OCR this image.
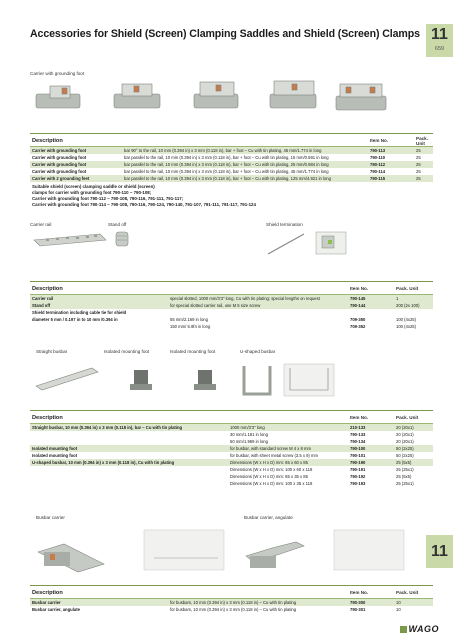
Accessories for Shield (Screen) Clamping Saddles and Shield (Screen) Clamps 11
659
Carrier with grounding foot
Description	Item No.	Pack. Unit
Carrier with grounding foot	bar 90° to the rail, 10 mm (0.394 in) x 3 mm (0.118 in), bar + foot – Cu with tin plating, 45 mm/1.774 in long	790-113	25
Carrier with grounding foot	bar parallel to the rail, 10 mm (0.394 in) x 3 mm (0.118 in), bar + foot – Cu with tin plating, 15 mm/0.591 in long	790-110	25
Carrier with grounding foot	bar parallel to the rail, 10 mm (0.394 in) x 3 mm (0.118 in), bar + foot – Cu with tin plating, 25 mm/0.984 in long	790-112	25
Carrier with grounding foot	bar parallel to the rail, 10 mm (0.394 in) x 3 mm (0.118 in), bar + foot – Cu with tin plating, 45 mm/1.774 in long	790-114	25
Carrier with 2 grounding feet	bar parallel to the rail, 10 mm (0.394 in) x 3 mm (0.118 in), bar + foot – Cu with tin plating, 125 mm/4.921 in long	790-115	25
Suitable shield (screen) clamping saddle or shield (screen)
clamps for carrier with grounding foot 790-110 ~ 790-108;
Carrier with grounding foot 790-112 ~ 790-108, 790-116, 791-111, 791-117;
Carrier with grounding foot 790-114 ~ 790-108, 790-116, 790-124, 790-140, 791-107, 791-111, 791-117, 791-124
Carrier rail	Stand off	Shield termination
Description	Item No.	Pack. Unit
Carrier rail	special slotted, 1000 mm/3'3" long, Cu with tin plating; special lengths on request	790-145	1
Stand off	for special slotted carrier rail, use M 5 size screw	790-144	200 (2x 100)
Shield termination including cable tie for shield
diameter 5 mm / 0.197 in to 10 mm /0.394 in	55 mm/2.169 in long	709-350	100 (4x25)
150 mm/ 5.9f4 in long	709-352	100 (4x25)
Straight busbar	Isolated mounting foot	Isolated mounting foot	U-shaped busbar
Description	Item No.	Pack. Unit
Straight busbar, 10 mm (0.394 in) x 3 mm (0.118 in), bar – Cu with tin plating	1000 mm/3'3" long	210-133	20 (20x1)
30 mm/1.181 in long	790-133	20 (20x1)
50 mm/1.969 in long	790-134	20 (20x1)
Isolated mounting foot	for busbar, with standard screw M 4 x 8 mm	790-100	50 (2x25)
Isolated mounting foot	for busbar, with sheet metal screw (3.5 x 9) mm	790-101	50 (2x25)
U-shaped busbar, 10 mm (0.394 in) x 3 mm (0.118 in), Cu with tin plating	Dimensions (W x H x D) mm: 65 x 60 x 85	790-190	25 (5x5)
Dimensions (W x H x D) mm: 100 x 60 x 118	790-191	25 (25x1)
Dimensions (W x H x D) mm: 65 x 35 x 85	790-192	25 (5x5)
Dimensions (W x H x D) mm: 100 x 35 x 118	790-193	25 (25x1)
Busbar carrier	Busbar carrier, angulate
Description	Item No.	Pack. Unit
Busbar carrier	for busbars, 10 mm (0.394 in) x 3 mm (0.118 in) – Cu with tin plating	790-300	10
Busbar carrier, angulate	for busbars, 10 mm (0.394 in) x 3 mm (0.118 in) – Cu with tin plating	790-301	10
11
WAGO
